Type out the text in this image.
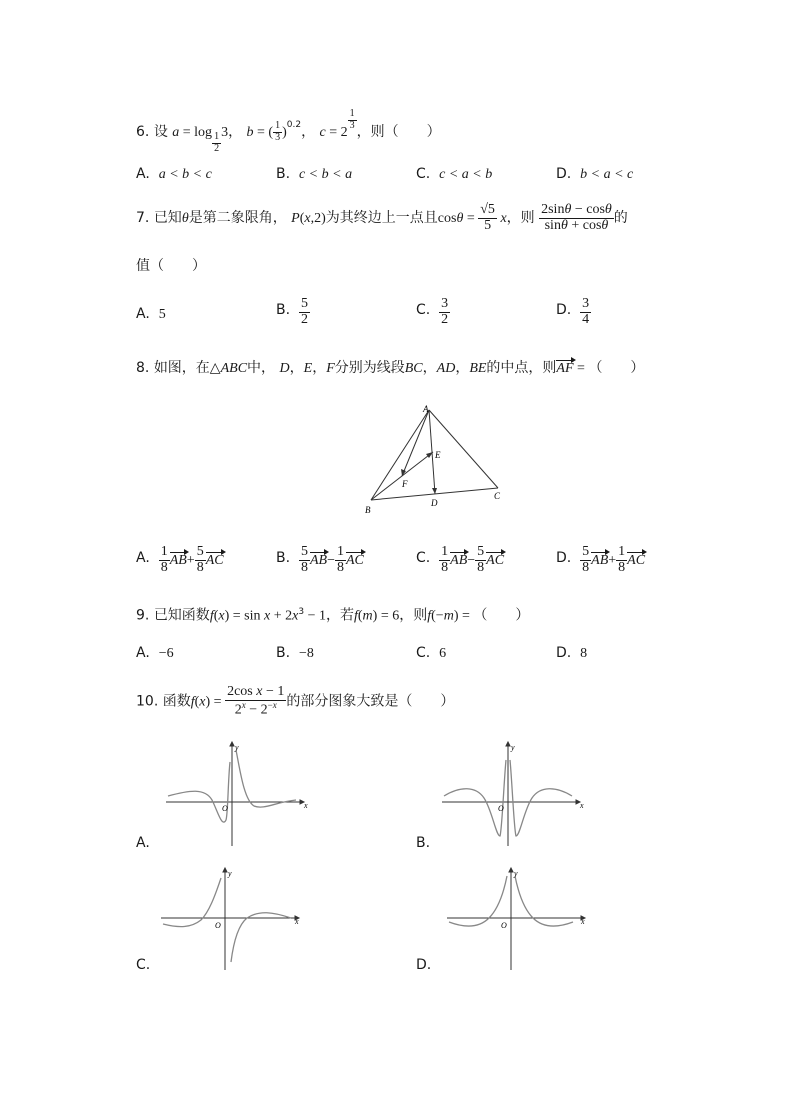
6. 设 a = log $_{\frac{1}{2}}$ 3， b = ( $\frac{1}{3} )^{0.2}$， c = 2
$^{\frac{1}{3}}$
，则（　　）
A. a < b < c	B. c < b < a	C. c < a < b	D. b < a < c
7. 已知θ是第二象限角， P(x,2)为其终边上一点且$\cos\theta = \frac{√5}{5}$ x，则 $\frac{2\sin\theta - \cos\theta}{\sin\theta + \cos\theta}$ 的
值（　　）
A. 5	B. $\frac{5}{2}$	C. $\frac{3}{2}$	D. $\frac{3}{4}$
8. 如图，在△ABC中， D，E，F分别为线段BC，AD，BE的中点，则AF = （　　）
A
B
C
D
E
F
A. $\frac{1}{8} AB+ \frac{5}{8}$ AC	B. $\frac{5}{8} AB- \frac{1}{8}$ AC	C. $\frac{1}{8} AB- \frac{5}{8}$ AC	D. $\frac{5}{8} AB+ \frac{1}{8}$ AC
9. 已知函数$f(x) = \sin x + 2x^3 - 1$，若f(m) = 6，则f(−m) = （　　）
A. −6	B. −8	C. 6	D. 8
10. 函数$f(x) = \frac{\text{2cos x − 1}}{2^x - 2^{-x}}$ 的部分图象大致是（　　）
x
y
O
A.
x
y
O
B.
x
y
O
C.
x
y
O
D.
